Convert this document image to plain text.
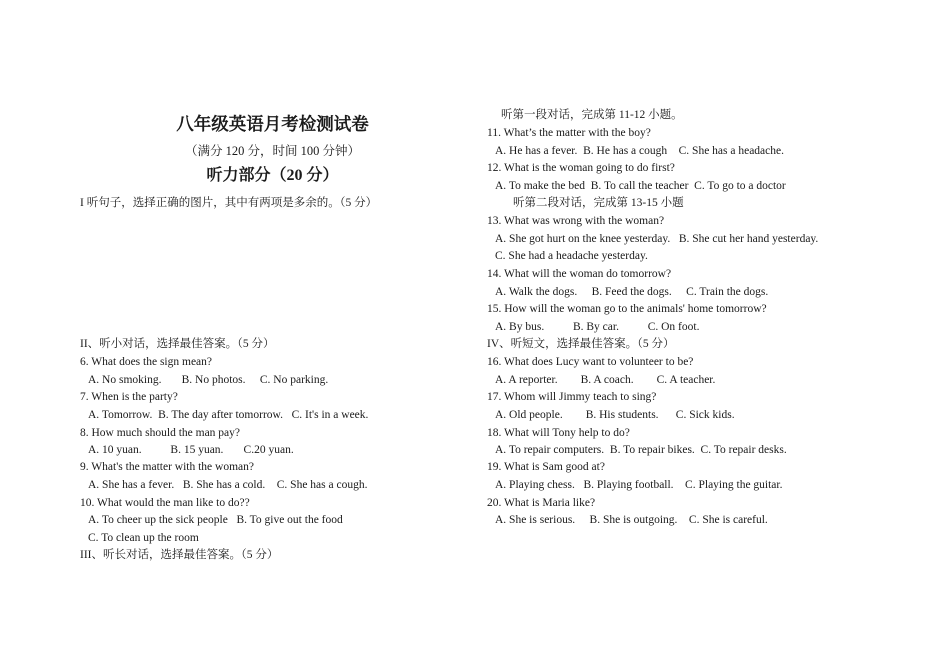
八年级英语月考检测试卷
（满分 120 分，时间 100 分钟）
听力部分（20 分）
I 听句子，选择正确的图片，其中有两项是多余的。（5 分）
II、听小对话，选择最佳答案。（5 分）
6. What does the sign mean?
A. No smoking.       B. No photos.     C. No parking.
7. When is the party?
A. Tomorrow.  B. The day after tomorrow.   C. It's in a week.
8. How much should the man pay?
A. 10 yuan.          B. 15 yuan.       C.20 yuan.
9. What's the matter with the woman?
A. She has a fever.   B. She has a cold.    C. She has a cough.
10. What would the man like to do??
A. To cheer up the sick people   B. To give out the food
C. To clean up the room
III、听长对话，选择最佳答案。（5 分）
听第一段对话，完成第 11-12 小题。
11. What’s the matter with the boy?
A. He has a fever.  B. He has a cough    C. She has a headache.
12. What is the woman going to do first?
A. To make the bed  B. To call the teacher  C. To go to a doctor
听第二段对话，完成第 13-15 小题
13. What was wrong with the woman?
A. She got hurt on the knee yesterday.   B. She cut her hand yesterday.
C. She had a headache yesterday.
14. What will the woman do tomorrow?
A. Walk the dogs.     B. Feed the dogs.     C. Train the dogs.
15. How will the woman go to the animals' home tomorrow?
A. By bus.          B. By car.          C. On foot.
IV、听短文，选择最佳答案。（5 分）
16. What does Lucy want to volunteer to be?
A. A reporter.        B. A coach.        C. A teacher.
17. Whom will Jimmy teach to sing?
A. Old people.        B. His students.      C. Sick kids.
18. What will Tony help to do?
A. To repair computers.  B. To repair bikes.  C. To repair desks.
19. What is Sam good at?
A. Playing chess.   B. Playing football.    C. Playing the guitar.
20. What is Maria like?
A. She is serious.     B. She is outgoing.    C. She is careful.
